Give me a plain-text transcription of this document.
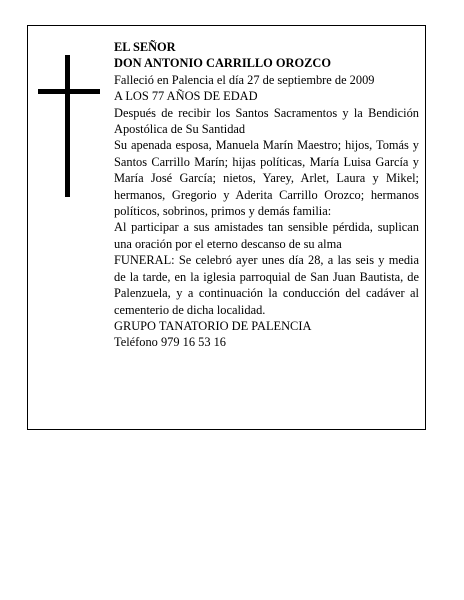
EL SEÑOR

DON ANTONIO CARRILLO OROZCO

Falleció en Palencia el día 27 de septiembre de 2009

A LOS 77 AÑOS DE EDAD

Después de recibir los Santos Sacramentos y la Bendición Apostólica de Su Santidad

Su apenada esposa, Manuela Marín Maestro; hijos, Tomás y Santos Carrillo Marín; hijas políticas, María Luisa García y María José García; nietos, Yarey, Arlet, Laura y Mikel; hermanos, Gregorio y Aderita Carrillo Orozco; hermanos políticos, sobrinos, primos y demás familia:

Al participar a sus amistades tan sensible pérdida, suplican una oración por el eterno descanso de su alma

FUNERAL: Se celebró ayer unes día 28, a las seis y media de la tarde, en la iglesia parroquial de San Juan Bautista, de Palenzuela, y a continuación la conducción del cadáver al cementerio de dicha localidad.

GRUPO TANATORIO DE PALENCIA

Teléfono 979 16 53 16
